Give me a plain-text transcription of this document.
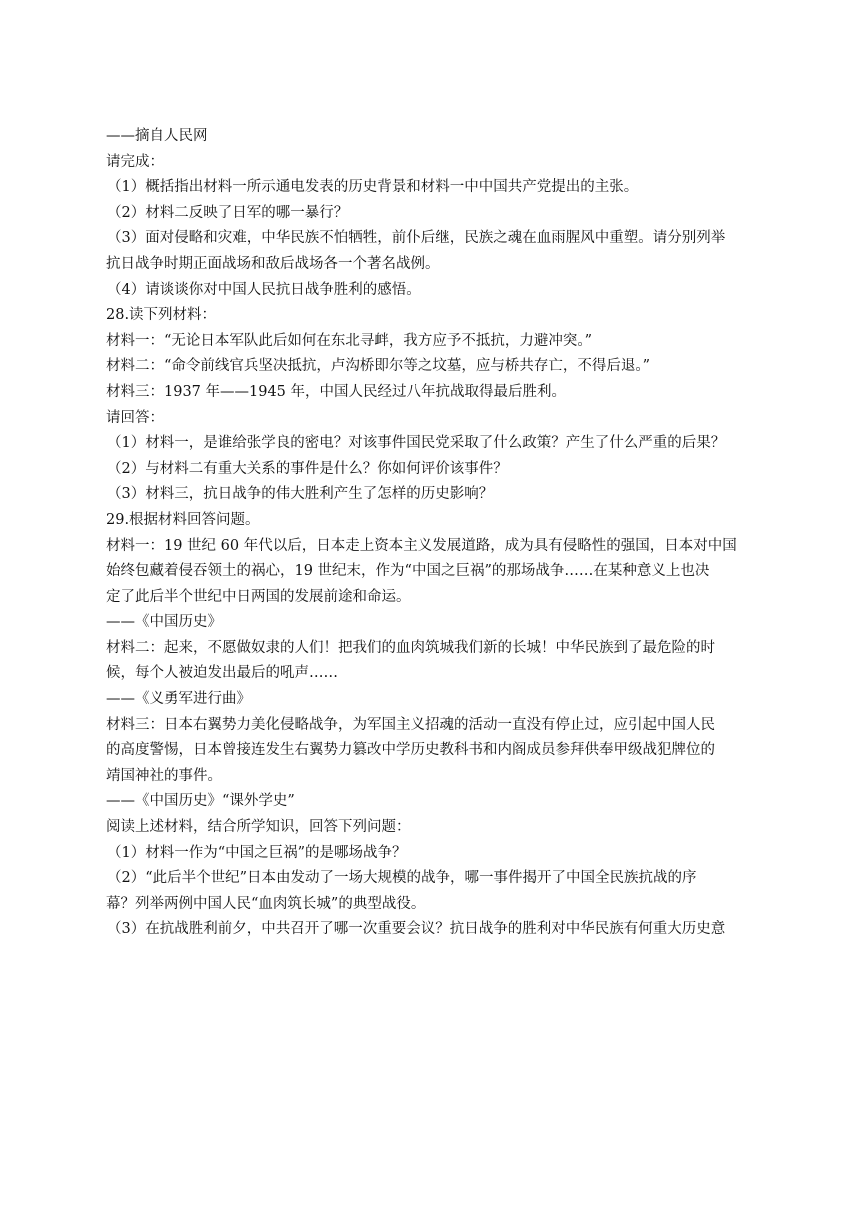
——摘自人民网
请完成：
（1）概括指出材料一所示通电发表的历史背景和材料一中中国共产党提出的主张。
（2）材料二反映了日军的哪一暴行？
（3）面对侵略和灾难，中华民族不怕牺牲，前仆后继，民族之魂在血雨腥风中重塑。请分别列举
抗日战争时期正面战场和敌后战场各一个著名战例。
（4）请谈谈你对中国人民抗日战争胜利的感悟。
28.读下列材料：
材料一：“无论日本军队此后如何在东北寻衅，我方应予不抵抗，力避冲突。”
材料二：“命令前线官兵坚决抵抗，卢沟桥即尔等之坟墓，应与桥共存亡，不得后退。”
材料三：1937 年——1945 年，中国人民经过八年抗战取得最后胜利。
请回答：
（1）材料一，是谁给张学良的密电？对该事件国民党采取了什么政策？产生了什么严重的后果？
（2）与材料二有重大关系的事件是什么？你如何评价该事件？
（3）材料三，抗日战争的伟大胜利产生了怎样的历史影响？
29.根据材料回答问题。
材料一：19 世纪 60 年代以后，日本走上资本主义发展道路，成为具有侵略性的强国，日本对中国
始终包藏着侵吞领土的祸心，19 世纪末，作为“中国之巨祸”的那场战争……在某种意义上也决
定了此后半个世纪中日两国的发展前途和命运。
——《中国历史》
材料二：起来，不愿做奴隶的人们！把我们的血肉筑城我们新的长城！中华民族到了最危险的时
候，每个人被迫发出最后的吼声……
——《义勇军进行曲》
材料三：日本右翼势力美化侵略战争，为军国主义招魂的活动一直没有停止过，应引起中国人民
的高度警惕，日本曾接连发生右翼势力篡改中学历史教科书和内阁成员参拜供奉甲级战犯牌位的
靖国神社的事件。
——《中国历史》“课外学史”
阅读上述材料，结合所学知识，回答下列问题：
（1）材料一作为“中国之巨祸”的是哪场战争？
（2）“此后半个世纪”日本由发动了一场大规模的战争，哪一事件揭开了中国全民族抗战的序
幕？列举两例中国人民“血肉筑长城”的典型战役。
（3）在抗战胜利前夕，中共召开了哪一次重要会议？抗日战争的胜利对中华民族有何重大历史意
